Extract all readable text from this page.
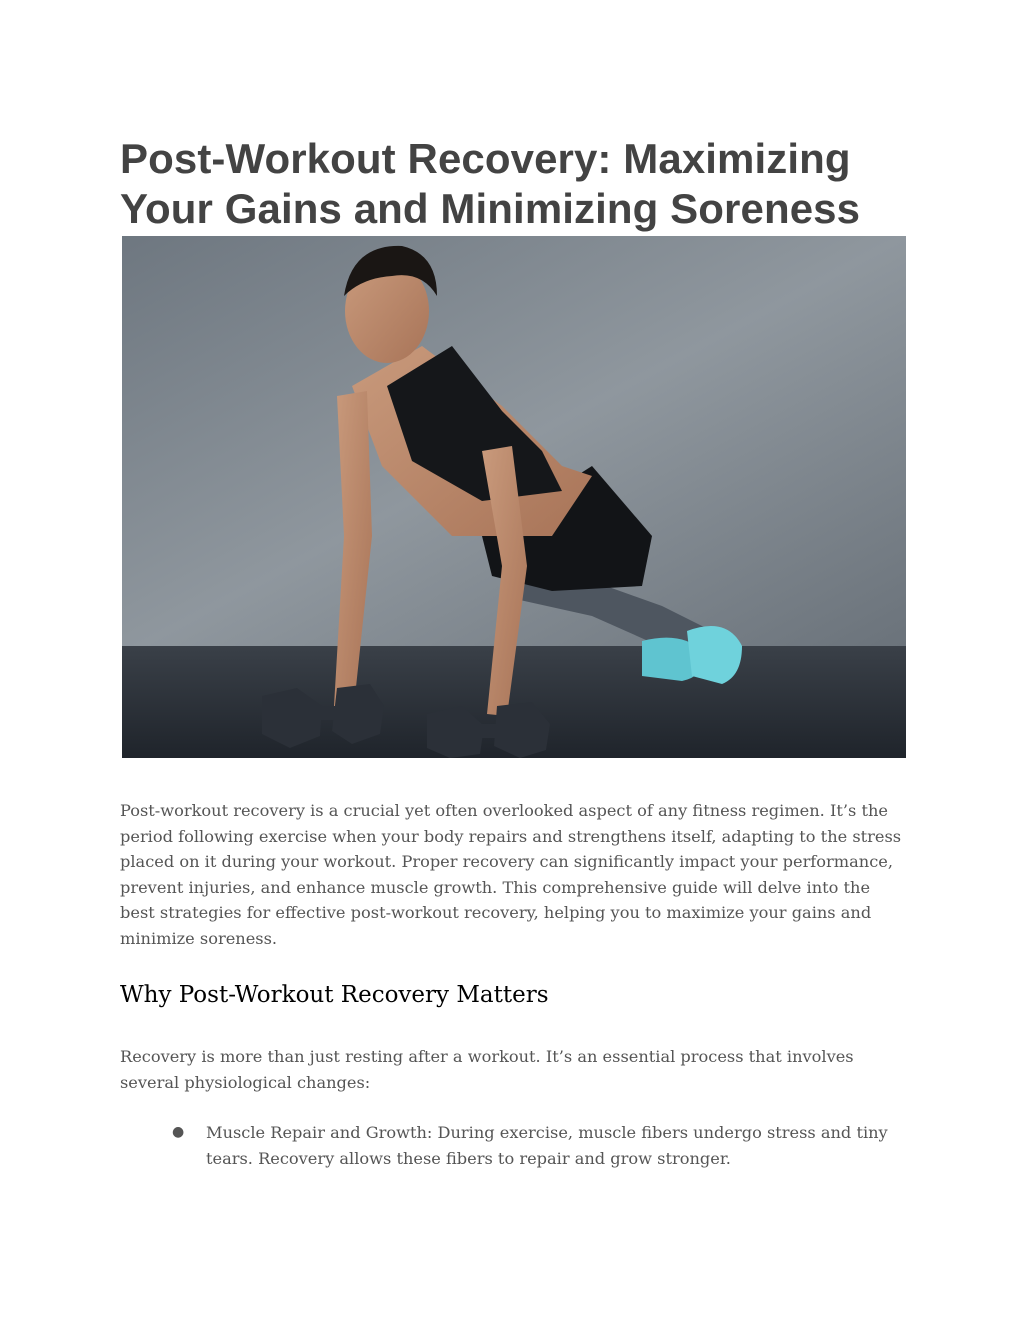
Post-Workout Recovery: Maximizing
Your Gains and Minimizing Soreness

Post-workout recovery is a crucial yet often overlooked aspect of any fitness regimen. It’s the period following exercise when your body repairs and strengthens itself, adapting to the stress placed on it during your workout. Proper recovery can significantly impact your performance, prevent injuries, and enhance muscle growth. This comprehensive guide will delve into the best strategies for effective post-workout recovery, helping you to maximize your gains and minimize soreness.

Why Post-Workout Recovery Matters

Recovery is more than just resting after a workout. It’s an essential process that involves several physiological changes:

● Muscle Repair and Growth: During exercise, muscle fibers undergo stress and tiny tears. Recovery allows these fibers to repair and grow stronger.
